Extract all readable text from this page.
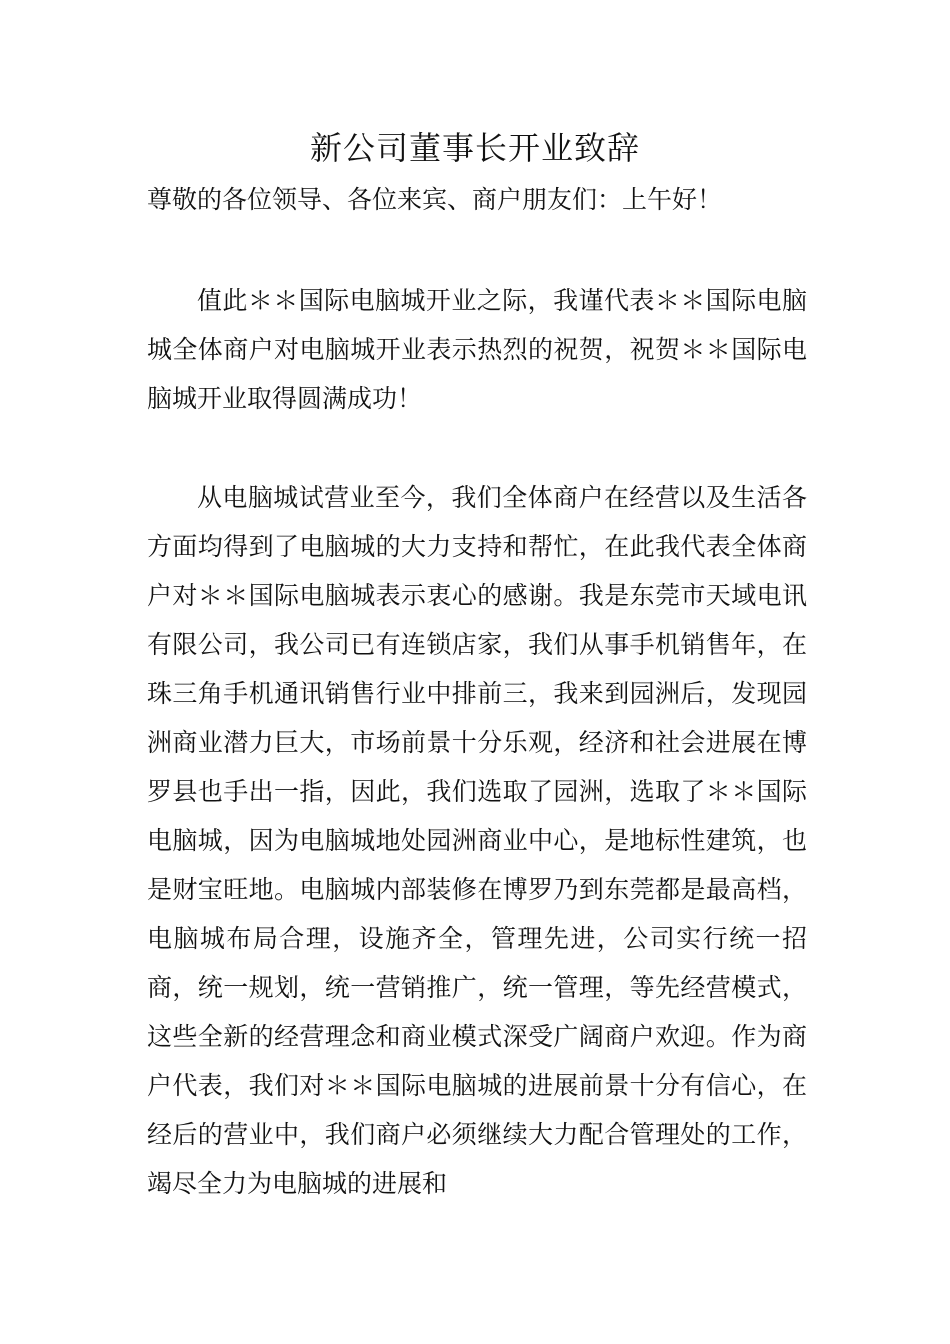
新公司董事长开业致辞

尊敬的各位领导、各位来宾、商户朋友们：上午好！

值此＊＊国际电脑城开业之际，我谨代表＊＊国际电脑城全体商户对电脑城开业表示热烈的祝贺，祝贺＊＊国际电脑城开业取得圆满成功！

从电脑城试营业至今，我们全体商户在经营以及生活各方面均得到了电脑城的大力支持和帮忙，在此我代表全体商户对＊＊国际电脑城表示衷心的感谢。我是东莞市天域电讯有限公司，我公司已有连锁店家，我们从事手机销售年，在珠三角手机通讯销售行业中排前三，我来到园洲后，发现园洲商业潜力巨大，市场前景十分乐观，经济和社会进展在博罗县也手出一指，因此，我们选取了园洲，选取了＊＊国际电脑城，因为电脑城地处园洲商业中心，是地标性建筑，也是财宝旺地。电脑城内部装修在博罗乃到东莞都是最高档，电脑城布局合理，设施齐全，管理先进，公司实行统一招商，统一规划，统一营销推广，统一管理，等先经营模式，这些全新的经营理念和商业模式深受广阔商户欢迎。作为商户代表，我们对＊＊国际电脑城的进展前景十分有信心，在经后的营业中，我们商户必须继续大力配合管理处的工作，竭尽全力为电脑城的进展和
